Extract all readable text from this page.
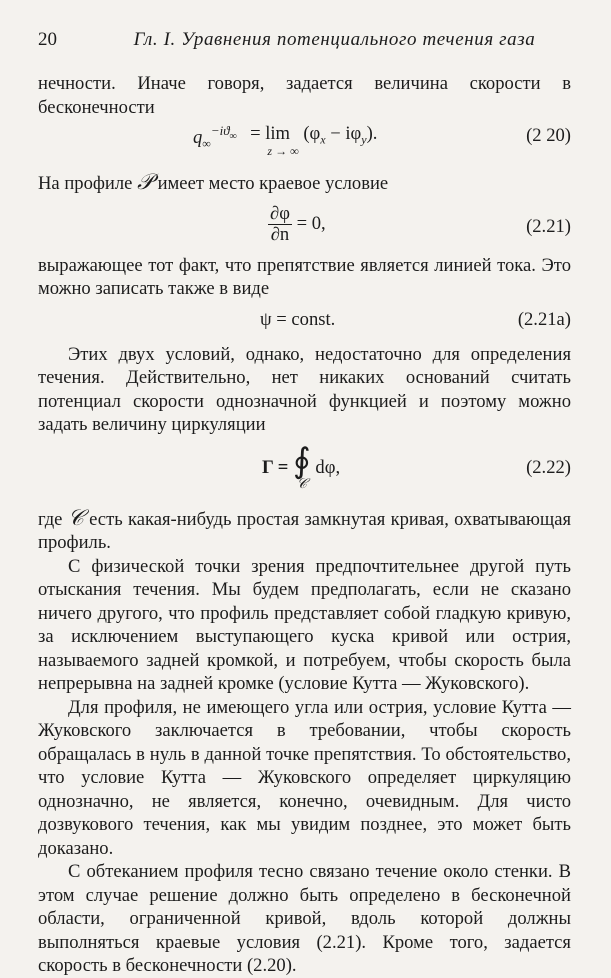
20	Гл. I. Уравнения потенциального течения газа

нечности. Иначе говоря, задается величина скорости в бесконечности

$q_\infty^{-iϑ}_\infty = \lim$
z → ∞
$(\varphi_x - i\varphi_y)$.	(2 20)

На профиле 𝒫 имеет место краевое условие

$\frac{\partial\varphi}{\partial n} = 0$,	(2.21)

выражающее тот факт, что препятствие является линией тока. Это можно записать также в виде

ψ = const.	(2.21a)

Этих двух условий, однако, недостаточно для определения течения. Действительно, нет никаких оснований считать потенциал скорости однозначной функцией и поэтому можно задать величину циркуляции

Γ = ∮
𝒞
dφ,	(2.22)

где 𝒞 есть какая-нибудь простая замкнутая кривая, охватывающая профиль.

С физической точки зрения предпочтительнее другой путь отыскания течения. Мы будем предполагать, если не сказано ничего другого, что профиль представляет собой гладкую кривую, за исключением выступающего куска кривой или острия, называемого задней кромкой, и потребуем, чтобы скорость была непрерывна на задней кромке (условие Кутта — Жуковского).

Для профиля, не имеющего угла или острия, условие Кутта — Жуковского заключается в требовании, чтобы скорость обращалась в нуль в данной точке препятствия. То обстоятельство, что условие Кутта — Жуковского определяет циркуляцию однозначно, не является, конечно, очевидным. Для чисто дозвукового течения, как мы увидим позднее, это может быть доказано.

С обтеканием профиля тесно связано течение около стенки. В этом случае решение должно быть определено в бесконечной области, ограниченной кривой, вдоль которой должны выполняться краевые условия (2.21). Кроме того, задается скорость в бесконечности (2.20).
